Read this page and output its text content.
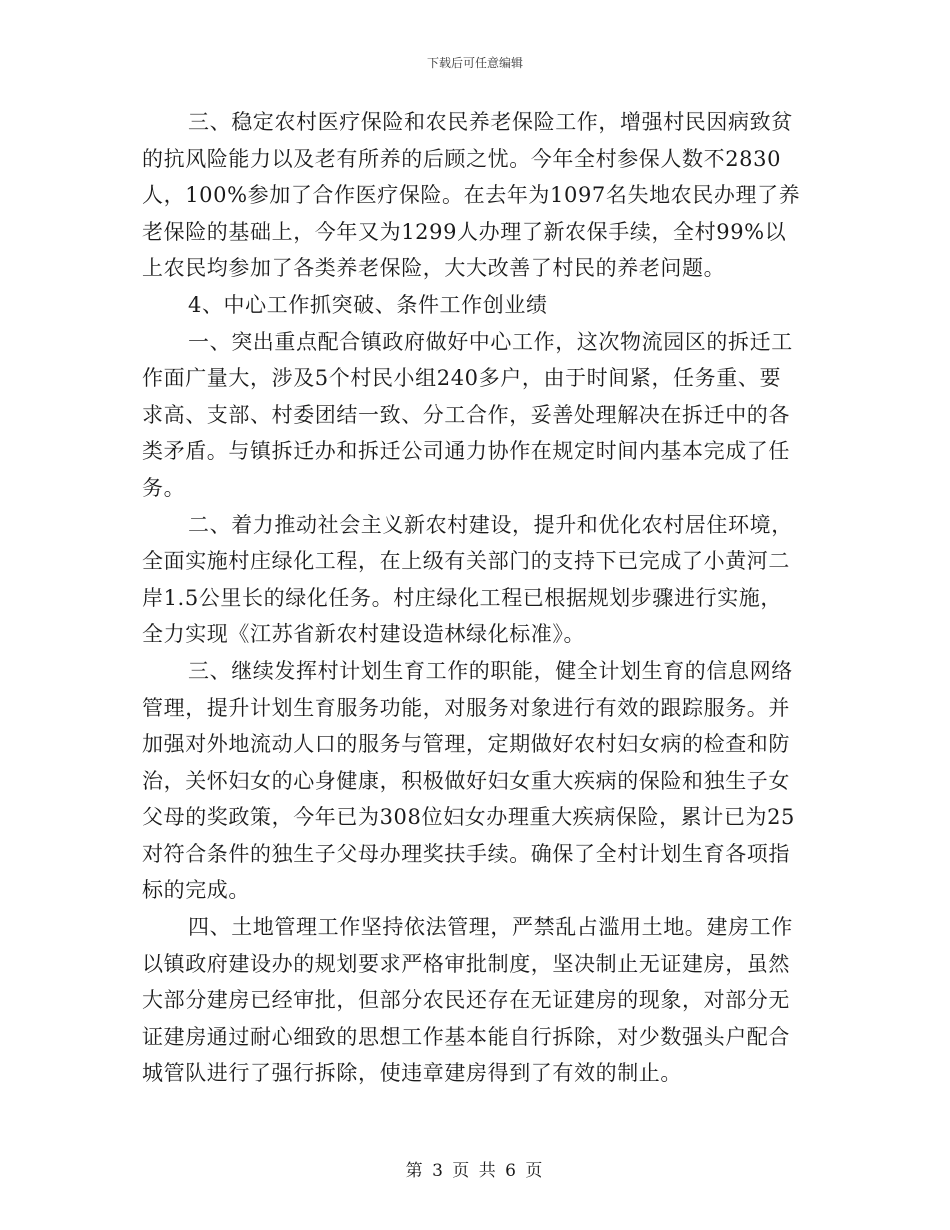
下载后可任意编辑

三、稳定农村医疗保险和农民养老保险工作，增强村民因病致贫的抗风险能力以及老有所养的后顾之忧。今年全村参保人数不2830人，100%参加了合作医疗保险。在去年为1097名失地农民办理了养老保险的基础上，今年又为1299人办理了新农保手续，全村99%以上农民均参加了各类养老保险，大大改善了村民的养老问题。

4、中心工作抓突破、条件工作创业绩

一、突出重点配合镇政府做好中心工作，这次物流园区的拆迁工作面广量大，涉及5个村民小组240多户，由于时间紧，任务重、要求高、支部、村委团结一致、分工合作，妥善处理解决在拆迁中的各类矛盾。与镇拆迁办和拆迁公司通力协作在规定时间内基本完成了任务。

二、着力推动社会主义新农村建设，提升和优化农村居住环境，全面实施村庄绿化工程，在上级有关部门的支持下已完成了小黄河二岸1.5公里长的绿化任务。村庄绿化工程已根据规划步骤进行实施，全力实现《江苏省新农村建设造林绿化标准》。

三、继续发挥村计划生育工作的职能，健全计划生育的信息网络管理，提升计划生育服务功能，对服务对象进行有效的跟踪服务。并加强对外地流动人口的服务与管理，定期做好农村妇女病的检查和防治，关怀妇女的心身健康，积极做好妇女重大疾病的保险和独生子女父母的奖政策，今年已为308位妇女办理重大疾病保险，累计已为25对符合条件的独生子父母办理奖扶手续。确保了全村计划生育各项指标的完成。

四、土地管理工作坚持依法管理，严禁乱占滥用土地。建房工作以镇政府建设办的规划要求严格审批制度，坚决制止无证建房，虽然大部分建房已经审批，但部分农民还存在无证建房的现象，对部分无证建房通过耐心细致的思想工作基本能自行拆除，对少数强头户配合城管队进行了强行拆除，使违章建房得到了有效的制止。

第 3 页 共 6 页
